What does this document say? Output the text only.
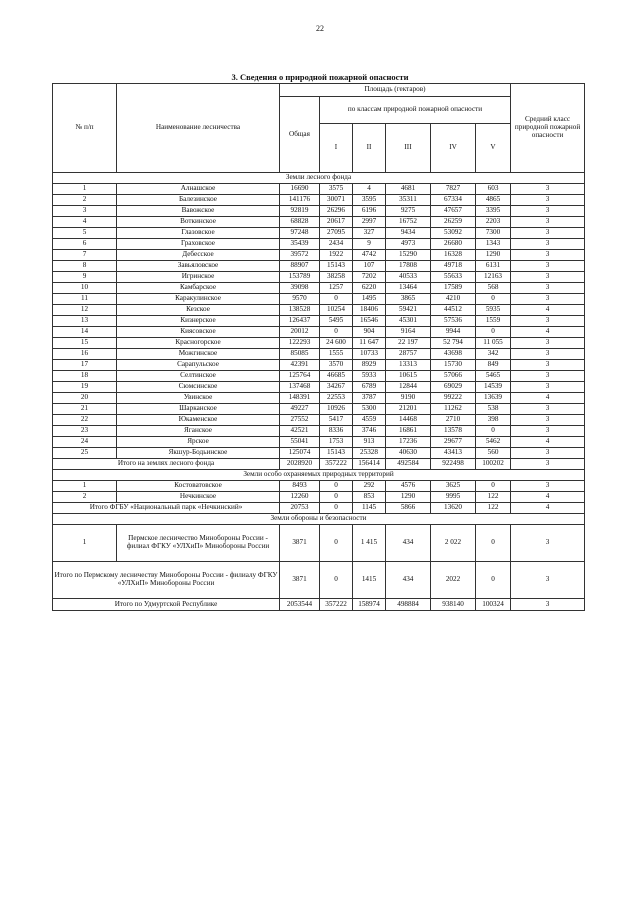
22
3. Сведения о природной пожарной опасности
№ п/п	Наименование лесничества	Площадь (гектаров)						Средний класс природной пожарной опасности
		Общая	по классам природной пожарной опасности					
			I	II	III	IV	V	
Земли лесного фонда								
1	Алнашское	16690	3575	4	4681	7827	603	3
2	Балезинское	141176	30071	3595	35311	67334	4865	3
3	Вавожское	92819	26296	6196	9275	47657	3395	3
4	Воткинское	68828	20617	2997	16752	26259	2203	3
5	Глазовское	97248	27095	327	9434	53092	7300	3
6	Граховское	35439	2434	9	4973	26680	1343	3
7	Дебесское	39572	1922	4742	15290	16328	1290	3
8	Завьяловское	88907	15143	107	17808	49718	6131	3
9	Игринское	153789	38258	7202	40533	55633	12163	3
10	Камбарское	39098	1257	6220	13464	17589	568	3
11	Каракулинское	9570	0	1495	3865	4210	0	3
12	Кезское	138528	10254	18406	59421	44512	5935	4
13	Кизнерское	126437	5495	16546	45301	57536	1559	3
14	Киясовское	20012	0	904	9164	9944	0	4
15	Красногорское	122293	24 600	11 647	22 197	52 794	11 055	3
16	Можгинское	85085	1555	10733	28757	43698	342	3
17	Сарапульское	42391	3570	8929	13313	15730	849	3
18	Селтинское	125764	46685	5933	10615	57066	5465	3
19	Сюмсинское	137468	34267	6789	12844	69029	14539	3
20	Увинское	148391	22553	3787	9190	99222	13639	4
21	Шарканское	49227	10926	5300	21201	11262	538	3
22	Юкаменское	27552	5417	4559	14468	2710	398	3
23	Яганское	42521	8336	3746	16861	13578	0	3
24	Ярское	55041	1753	913	17236	29677	5462	4
25	Якшур-Бодьинское	125074	15143	25328	40630	43413	560	3
Итого на землях лесного фонда		2028920	357222	156414	492584	922498	100202	3
Земли особо охраняемых природных территорий								
1	Костоватовское	8493	0	292	4576	3625	0	3
2	Нечкинское	12260	0	853	1290	9995	122	4
Итого ФГБУ «Национальный парк «Нечкинский»		20753	0	1145	5866	13620	122	4
Земли обороны и безопасности								
1	Пермское лесничество Минобороны России - филиал ФГКУ «УЛХиП» Минобороны России	3871	0	1 415	434	2 022	0	3
Итого по Пермскому лесничеству Минобороны России - филиалу ФГКУ «УЛХиП» Минобороны России		3871	0	1415	434	2022	0	3
Итого по Удмуртской Республике		2053544	357222	158974	498884	938140	100324	3
